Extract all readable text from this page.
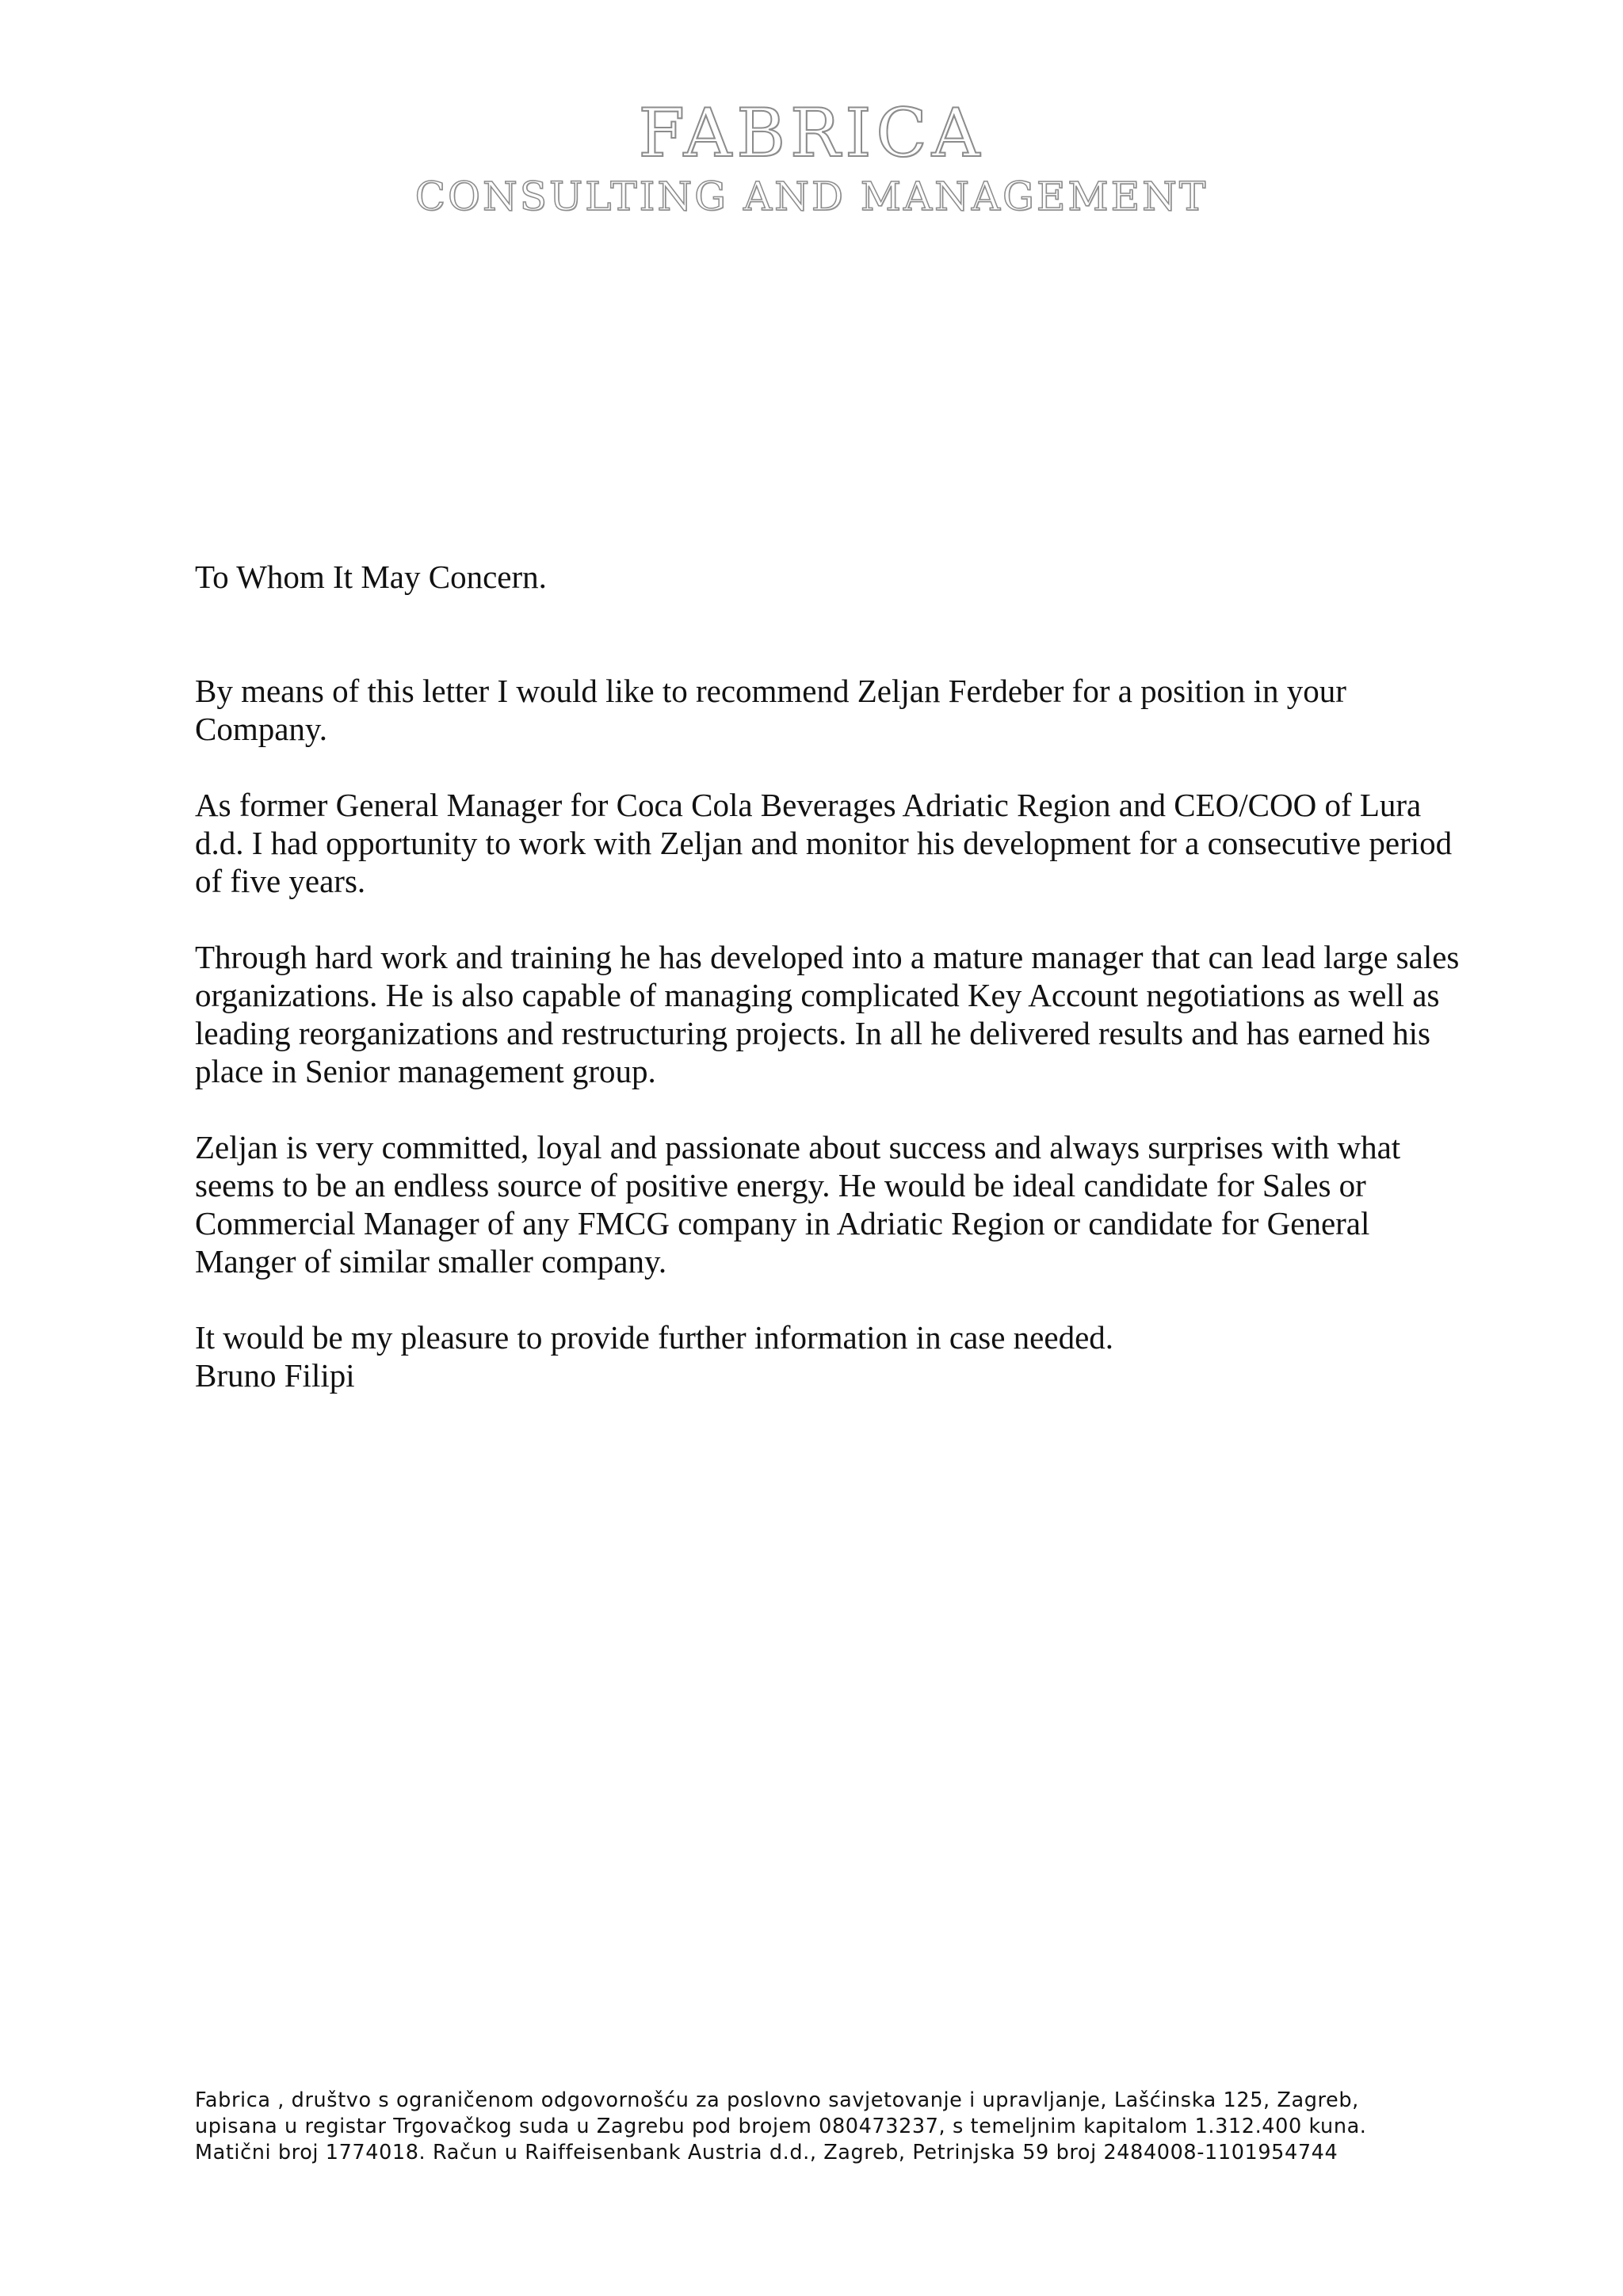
FABRICA
CONSULTING AND MANAGEMENT

To Whom It May Concern.

By means of this letter I would like to recommend Zeljan Ferdeber for a position in your Company.

As former General Manager for Coca Cola Beverages Adriatic Region and CEO/COO of Lura d.d. I had opportunity to work with Zeljan and monitor his development for a consecutive period of five years.

Through hard work and training he has developed into a mature manager that can lead large sales organizations. He is also capable of managing complicated Key Account negotiations as well as leading reorganizations and restructuring projects. In all he delivered results and has earned his place in Senior management group.

Zeljan is very committed, loyal and passionate about success and always surprises with what seems to be an endless source of positive energy. He would be ideal candidate for Sales or Commercial Manager of any FMCG company in Adriatic Region or candidate for General Manger of similar smaller company.

It would be my pleasure to provide further information in case needed.

Bruno Filipi

Fabrica , društvo s ograničenom odgovornošću za poslovno savjetovanje i upravljanje, Lašćinska 125, Zagreb,

upisana u registar Trgovačkog suda u Zagrebu pod brojem 080473237, s temeljnim kapitalom 1.312.400 kuna.

Matični broj 1774018. Račun u Raiffeisenbank Austria d.d., Zagreb, Petrinjska 59 broj 2484008-1101954744
